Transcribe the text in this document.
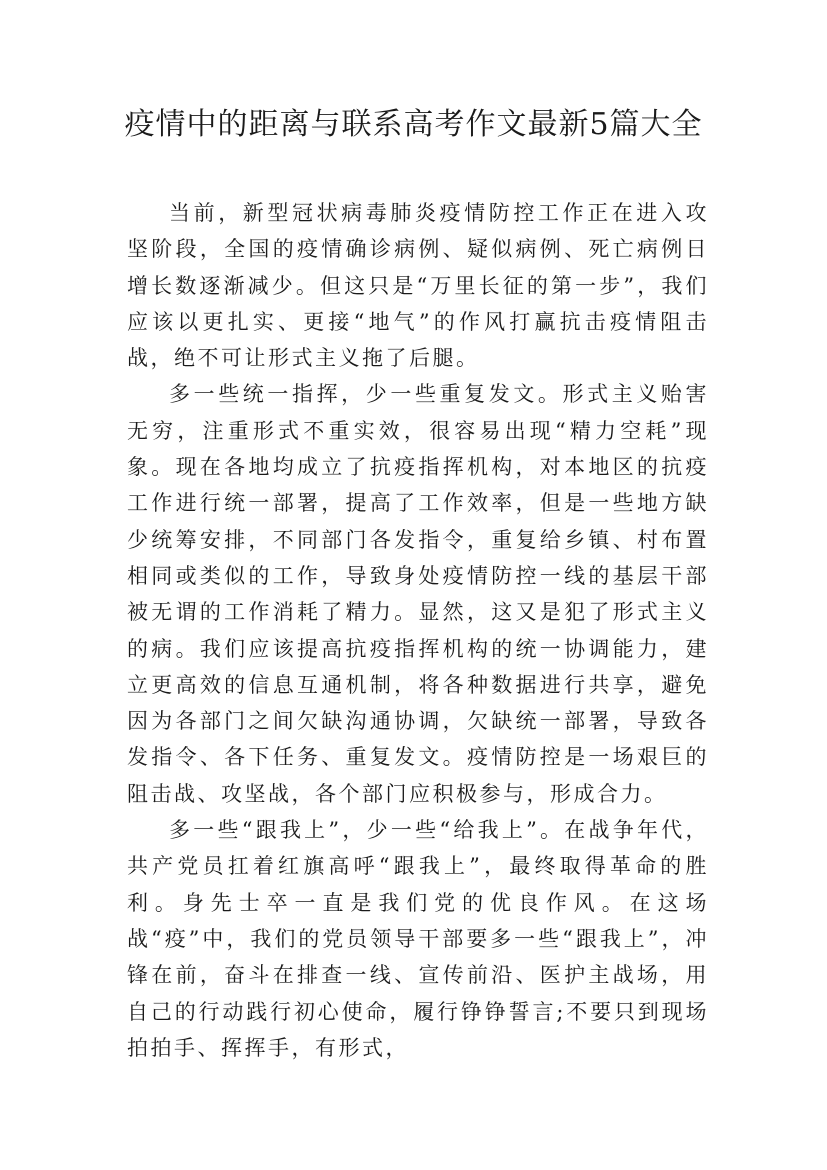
疫情中的距离与联系高考作文最新5篇大全

当前，新型冠状病毒肺炎疫情防控工作正在进入攻坚阶段，全国的疫情确诊病例、疑似病例、死亡病例日增长数逐渐减少。但这只是“万里长征的第一步”，我们应该以更扎实、更接“地气”的作风打赢抗击疫情阻击战，绝不可让形式主义拖了后腿。

多一些统一指挥，少一些重复发文。形式主义贻害无穷，注重形式不重实效，很容易出现“精力空耗”现象。现在各地均成立了抗疫指挥机构，对本地区的抗疫工作进行统一部署，提高了工作效率，但是一些地方缺少统筹安排，不同部门各发指令，重复给乡镇、村布置相同或类似的工作，导致身处疫情防控一线的基层干部被无谓的工作消耗了精力。显然，这又是犯了形式主义的病。我们应该提高抗疫指挥机构的统一协调能力，建立更高效的信息互通机制，将各种数据进行共享，避免因为各部门之间欠缺沟通协调，欠缺统一部署，导致各发指令、各下任务、重复发文。疫情防控是一场艰巨的阻击战、攻坚战，各个部门应积极参与，形成合力。

多一些“跟我上”，少一些“给我上”。在战争年代，共产党员扛着红旗高呼“跟我上”，最终取得革命的胜利。身先士卒一直是我们党的优良作风。在这场战“疫”中，我们的党员领导干部要多一些“跟我上”，冲锋在前，奋斗在排查一线、宣传前沿、医护主战场，用自己的行动践行初心使命，履行铮铮誓言;不要只到现场拍拍手、挥挥手，有形式，
